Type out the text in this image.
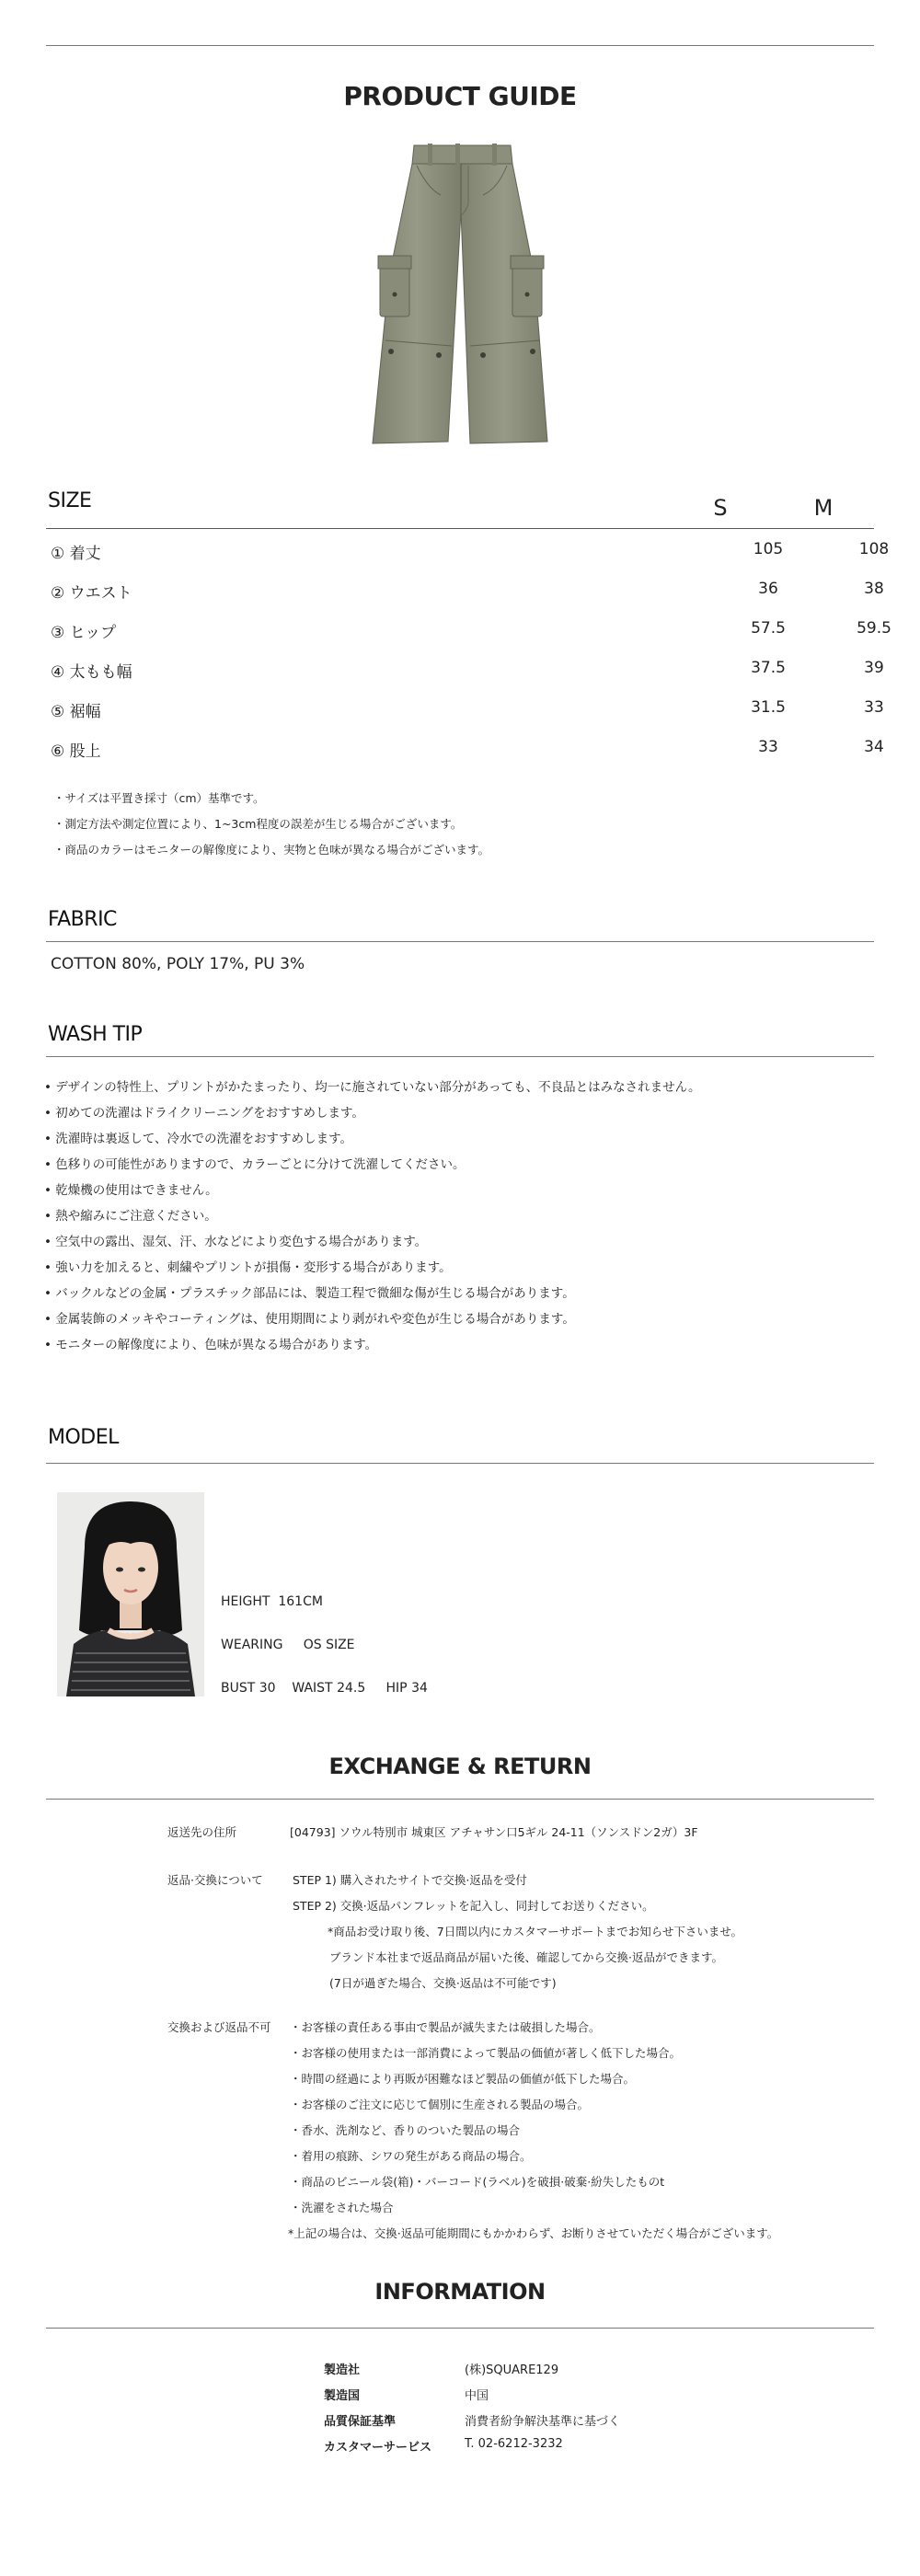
PRODUCT GUIDE
SIZE	S	M
① 着丈	105	108
② ウエスト	36	38
③ ヒップ	57.5	59.5
④ 太もも幅	37.5	39
⑤ 裾幅	31.5	33
⑥ 股上	33	34
・サイズは平置き採寸（cm）基準です。
・測定方法や測定位置により、1~3cm程度の誤差が生じる場合がございます。
・商品のカラーはモニターの解像度により、実物と色味が異なる場合がございます。
FABRIC
COTTON 80%, POLY 17%, PU 3%
WASH TIP
• デザインの特性上、プリントがかたまったり、均一に施されていない部分があっても、不良品とはみなされません。
• 初めての洗濯はドライクリーニングをおすすめします。
• 洗濯時は裏返して、冷水での洗濯をおすすめします。
• 色移りの可能性がありますので、カラーごとに分けて洗濯してください。
• 乾燥機の使用はできません。
• 熱や縮みにご注意ください。
• 空気中の露出、湿気、汗、水などにより変色する場合があります。
• 強い力を加えると、刺繍やプリントが損傷・変形する場合があります。
• バックルなどの金属・プラスチック部品には、製造工程で微細な傷が生じる場合があります。
• 金属装飾のメッキやコーティングは、使用期間により剥がれや変色が生じる場合があります。
• モニターの解像度により、色味が異なる場合があります。
MODEL
HEIGHT 161CM
WEARING OS SIZE
BUST 30 WAIST 24.5 HIP 34
EXCHANGE & RETURN
返送先の住所	[04793] ソウル特別市 城東区 アチャサン口5ギル 24-11（ソンスドン2ガ）3F
返品·交換について	STEP 1) 購入されたサイトで交換·返品を受付
STEP 2) 交換·返品パンフレットを記入し、同封してお送りください。
*商品お受け取り後、7日間以内にカスタマーサポートまでお知らせ下さいませ。
ブランド本社まで返品商品が届いた後、確認してから交換·返品ができます。
(7日が過ぎた場合、交換·返品は不可能です)
交換および返品不可 ・お客様の責任ある事由で製品が滅失または破損した場合。
・お客様の使用または一部消費によって製品の価値が著しく低下した場合。
・時間の経過により再販が困難なほど製品の価値が低下した場合。
・お客様のご注文に応じて個別に生産される製品の場合。
・香水、洗剤など、香りのついた製品の場合
・着用の痕跡、シワの発生がある商品の場合。
・商品のビニール袋(箱)・バーコード(ラベル)を破損·破棄·紛失したものt
・洗濯をされた場合
*上記の場合は、交換·返品可能期間にもかかわらず、お断りさせていただく場合がございます。
INFORMATION
製造社	(株)SQUARE129
製造国	中国
品質保証基準	消費者紛争解決基準に基づく
カスタマーサービス	T. 02-6212-3232
